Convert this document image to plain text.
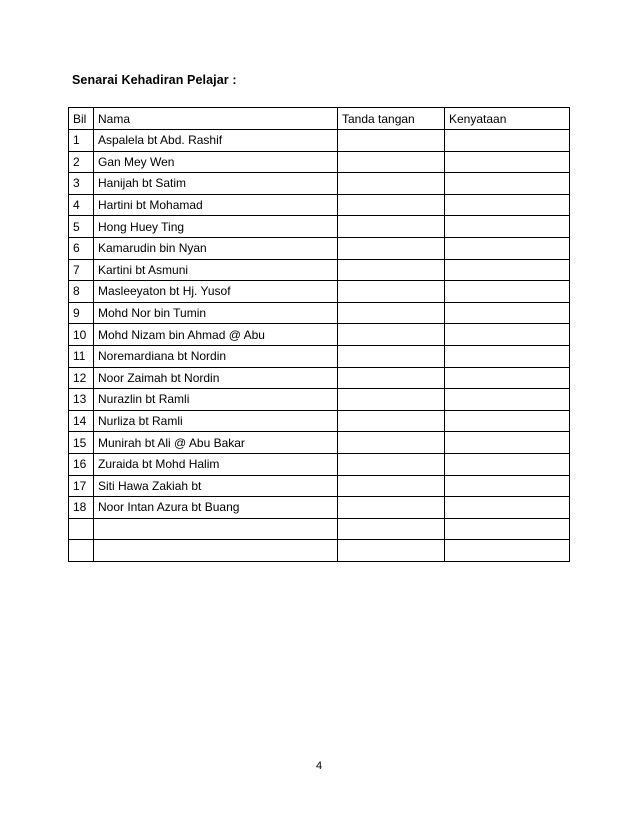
Senarai Kehadiran Pelajar :
Bil	Nama	Tanda tangan	Kenyataan
1	Aspalela bt Abd. Rashif		
2	Gan Mey Wen		
3	Hanijah bt Satim		
4	Hartini bt Mohamad		
5	Hong Huey Ting		
6	Kamarudin bin Nyan		
7	Kartini bt Asmuni		
8	Masleeyaton bt Hj. Yusof		
9	Mohd Nor bin Tumin		
10	Mohd Nizam bin Ahmad @ Abu		
11	Noremardiana bt Nordin		
12	Noor Zaimah bt Nordin		
13	Nurazlin bt Ramli		
14	Nurliza bt Ramli		
15	Munirah bt Ali @ Abu Bakar		
16	Zuraida bt Mohd Halim		
17	Siti Hawa Zakiah bt		
18	Noor Intan Azura bt Buang		

4
